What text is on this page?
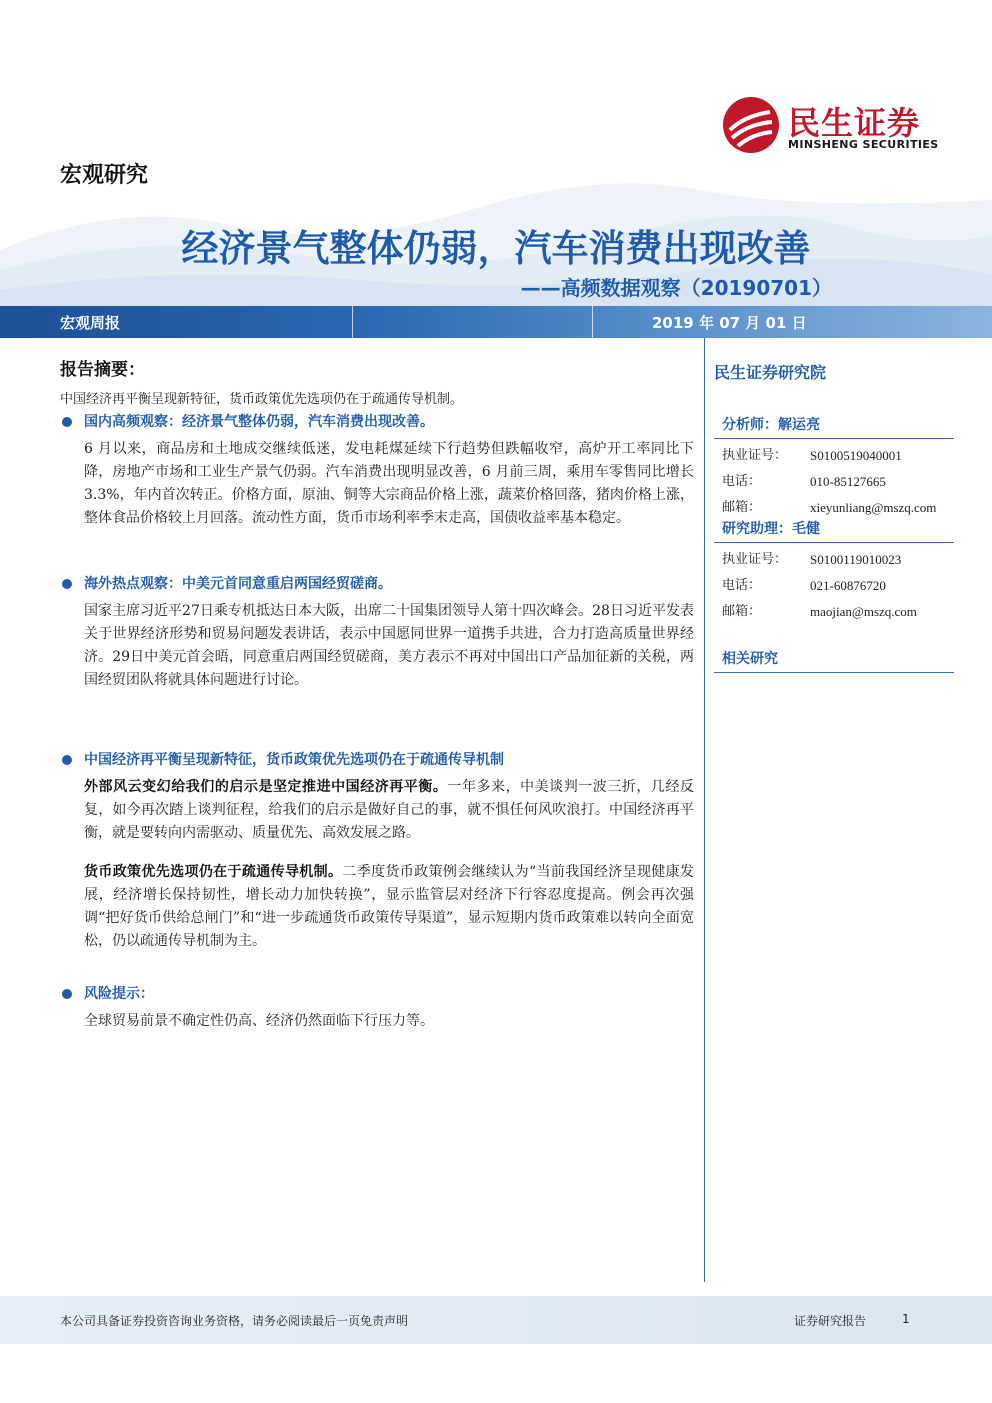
民生证券
MINSHENG SECURITIES
宏观研究
经济景气整体仍弱，汽车消费出现改善
——高频数据观察（20190701）
宏观周报	2019 年 07 月 01 日
报告摘要：
中国经济再平衡呈现新特征，货币政策优先选项仍在于疏通传导机制。
国内高频观察：经济景气整体仍弱，汽车消费出现改善。

6 月以来，商品房和土地成交继续低迷，发电耗煤延续下行趋势但跌幅收窄，高炉开工率同比下降，房地产市场和工业生产景气仍弱。汽车消费出现明显改善，6 月前三周，乘用车零售同比增长 3.3%，年内首次转正。价格方面，原油、铜等大宗商品价格上涨，蔬菜价格回落，猪肉价格上涨，整体食品价格较上月回落。流动性方面，货币市场利率季末走高，国债收益率基本稳定。

海外热点观察：中美元首同意重启两国经贸磋商。

国家主席习近平27日乘专机抵达日本大阪，出席二十国集团领导人第十四次峰会。28日习近平发表关于世界经济形势和贸易问题发表讲话，表示中国愿同世界一道携手共进，合力打造高质量世界经济。29日中美元首会晤，同意重启两国经贸磋商，美方表示不再对中国出口产品加征新的关税，两国经贸团队将就具体问题进行讨论。

中国经济再平衡呈现新特征，货币政策优先选项仍在于疏通传导机制

外部风云变幻给我们的启示是坚定推进中国经济再平衡。一年多来，中美谈判一波三折，几经反复，如今再次踏上谈判征程，给我们的启示是做好自己的事，就不惧任何风吹浪打。中国经济再平衡，就是要转向内需驱动、质量优先、高效发展之路。

货币政策优先选项仍在于疏通传导机制。二季度货币政策例会继续认为“当前我国经济呈现健康发展，经济增长保持韧性，增长动力加快转换”，显示监管层对经济下行容忍度提高。例会再次强调“把好货币供给总闸门”和“进一步疏通货币政策传导渠道”，显示短期内货币政策难以转向全面宽松，仍以疏通传导机制为主。

风险提示：

全球贸易前景不确定性仍高、经济仍然面临下行压力等。

民生证券研究院
分析师：解运亮
执业证号：	S0100519040001
电话：	010-85127665
邮箱：	xieyunliang@mszq.com
研究助理：毛健
执业证号：	S0100119010023
电话：	021-60876720
邮箱：	maojian@mszq.com
相关研究
本公司具备证券投资咨询业务资格，请务必阅读最后一页免责声明	证券研究报告	1
